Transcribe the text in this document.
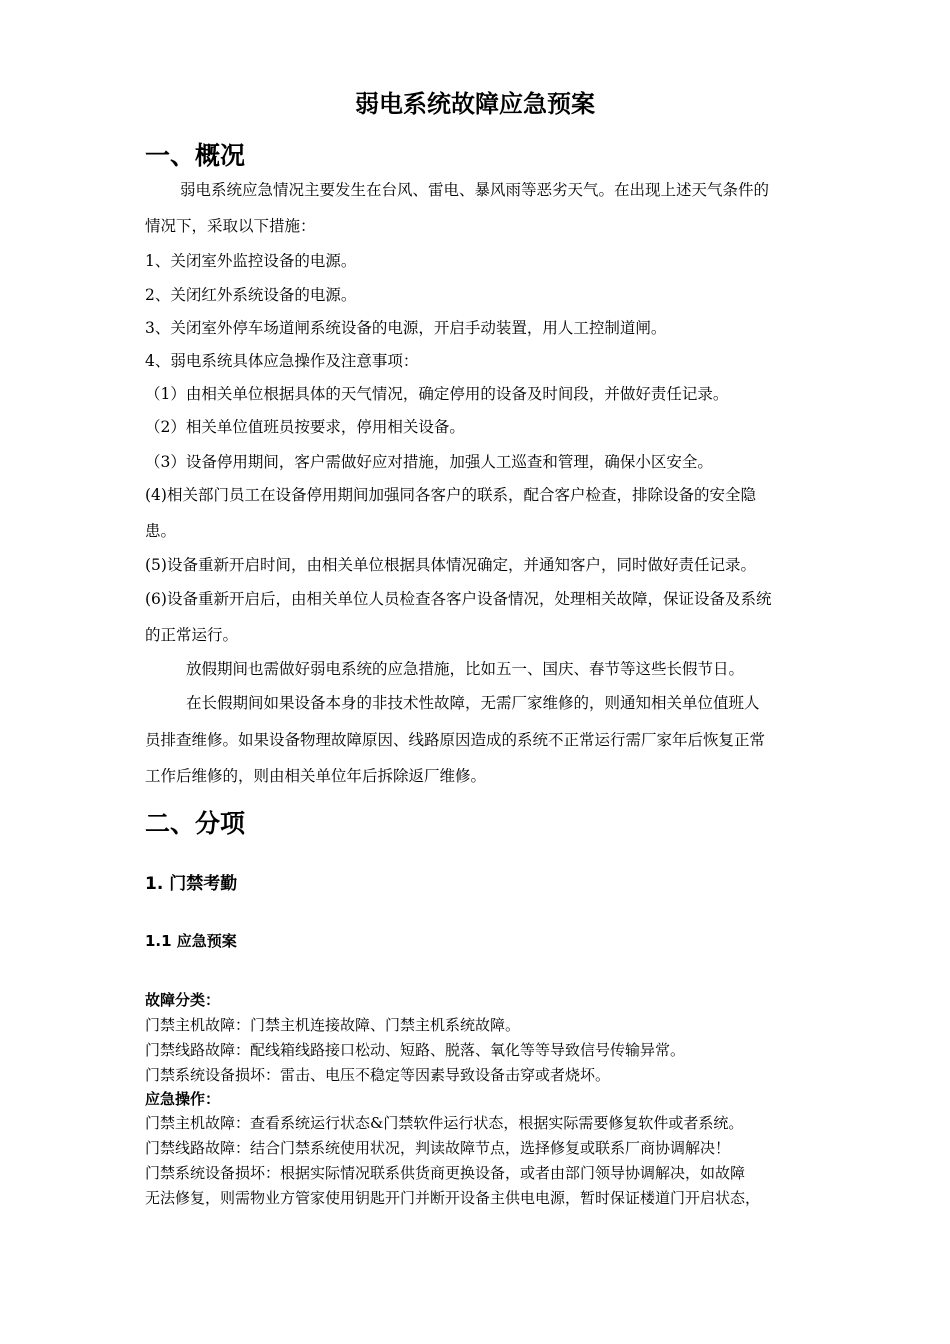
弱电系统故障应急预案
一、概况

弱电系统应急情况主要发生在台风、雷电、暴风雨等恶劣天气。在出现上述天气条件的

情况下，采取以下措施：

1、关闭室外监控设备的电源。

2、关闭红外系统设备的电源。

3、关闭室外停车场道闸系统设备的电源，开启手动装置，用人工控制道闸。

4、弱电系统具体应急操作及注意事项：

（1）由相关单位根据具体的天气情况，确定停用的设备及时间段，并做好责任记录。

（2）相关单位值班员按要求，停用相关设备。

（3）设备停用期间，客户需做好应对措施，加强人工巡查和管理，确保小区安全。

(4)相关部门员工在设备停用期间加强同各客户的联系，配合客户检查，排除设备的安全隐

患。

(5)设备重新开启时间，由相关单位根据具体情况确定，并通知客户，同时做好责任记录。

(6)设备重新开启后，由相关单位人员检查各客户设备情况，处理相关故障，保证设备及系统

的正常运行。

放假期间也需做好弱电系统的应急措施，比如五一、国庆、春节等这些长假节日。

在长假期间如果设备本身的非技术性故障，无需厂家维修的，则通知相关单位值班人

员排查维修。如果设备物理故障原因、线路原因造成的系统不正常运行需厂家年后恢复正常

工作后维修的，则由相关单位年后拆除返厂维修。

二、分项
1. 门禁考勤
1.1 应急预案

故障分类：

门禁主机故障：门禁主机连接故障、门禁主机系统故障。

门禁线路故障：配线箱线路接口松动、短路、脱落、氧化等等导致信号传输异常。

门禁系统设备损坏：雷击、电压不稳定等因素导致设备击穿或者烧坏。

应急操作：

门禁主机故障：查看系统运行状态&门禁软件运行状态，根据实际需要修复软件或者系统。

门禁线路故障：结合门禁系统使用状况，判读故障节点，选择修复或联系厂商协调解决！

门禁系统设备损坏：根据实际情况联系供货商更换设备，或者由部门领导协调解决，如故障

无法修复，则需物业方管家使用钥匙开门并断开设备主供电电源，暂时保证楼道门开启状态，
